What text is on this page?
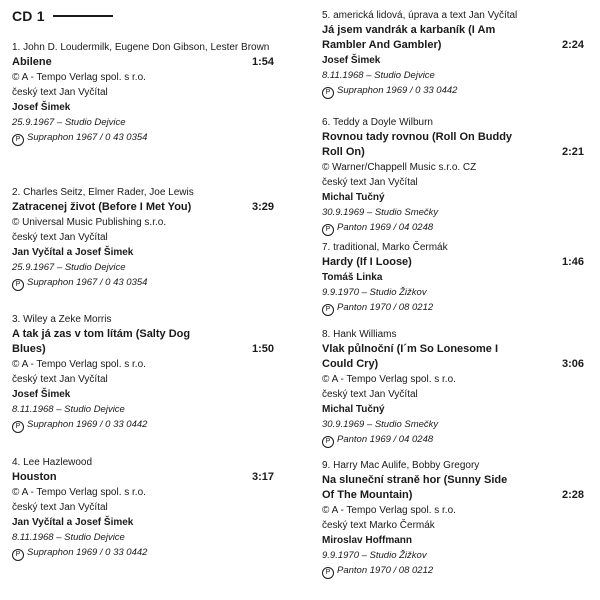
CD 1
1. John D. Loudermilk, Eugene Don Gibson, Lester Brown
Abilene	1:54
© A - Tempo Verlag spol. s r.o.
český text Jan Vyčítal
Josef Šimek
25.9.1967 – Studio Dejvice
P Supraphon 1967 / 0 43 0354
2. Charles Seitz, Elmer Rader, Joe Lewis
Zatracenej život (Before I Met You)	3:29
© Universal Music Publishing s.r.o.
český text Jan Vyčítal
Jan Vyčítal a Josef Šimek
25.9.1967 – Studio Dejvice
P Supraphon 1967 / 0 43 0354
3. Wiley a Zeke Morris
A tak já zas v tom lítám (Salty Dog Blues)	1:50
© A - Tempo Verlag spol. s r.o.
český text Jan Vyčítal
Josef Šimek
8.11.1968 – Studio Dejvice
P Supraphon 1969 / 0 33 0442
4. Lee Hazlewood
Houston	3:17
© A - Tempo Verlag spol. s r.o.
český text Jan Vyčítal
Jan Vyčítal a Josef Šimek
8.11.1968 – Studio Dejvice
P Supraphon 1969 / 0 33 0442
5. americká lidová, úprava a text Jan Vyčítal
Já jsem vandrák a karbaník (I Am Rambler And Gambler)	2:24
Josef Šimek
8.11.1968 – Studio Dejvice
P Supraphon 1969 / 0 33 0442
6. Teddy a Doyle Wilburn
Rovnou tady rovnou (Roll On Buddy Roll On)	2:21
© Warner/Chappell Music s.r.o. CZ
český text Jan Vyčítal
Michal Tučný
30.9.1969 – Studio Smečky
P Panton 1969 / 04 0248
7. traditional, Marko Čermák
Hardy (If I Loose)	1:46
Tomáš Linka
9.9.1970 – Studio Žižkov
P Panton 1970 / 08 0212
8. Hank Williams
Vlak půlnoční (I´m So Lonesome I Could Cry)	3:06
© A - Tempo Verlag spol. s r.o.
český text Jan Vyčítal
Michal Tučný
30.9.1969 – Studio Smečky
P Panton 1969 / 04 0248
9. Harry Mac Aulife, Bobby Gregory
Na sluneční straně hor (Sunny Side Of The Mountain)	2:28
© A - Tempo Verlag spol. s r.o.
český text Marko Čermák
Miroslav Hoffmann
9.9.1970 – Studio Žižkov
P Panton 1970 / 08 0212
